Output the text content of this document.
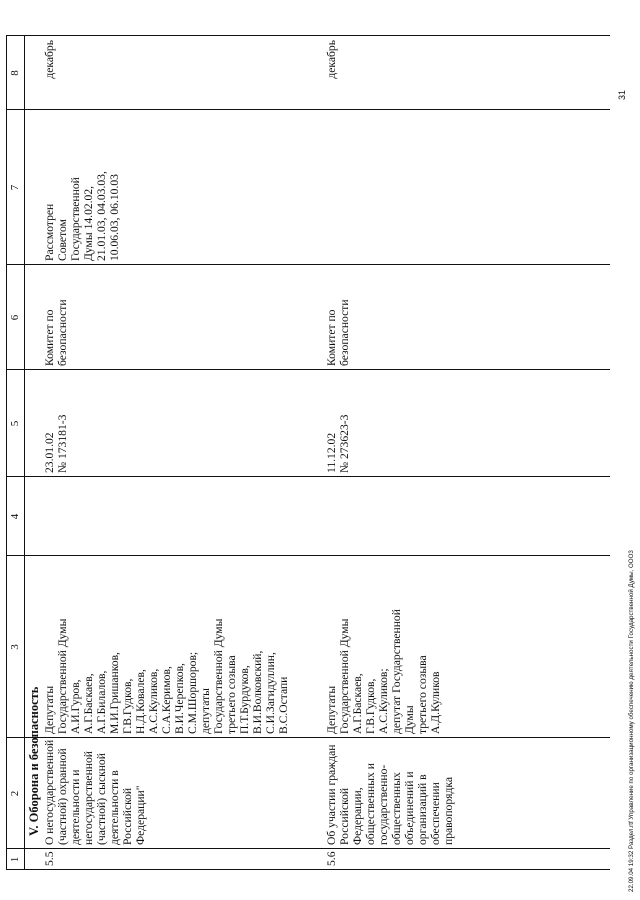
1
2
3
4
5
6
7
8
V. Оборона и безопасность
5.5
О негосударственной
(частной) охранной
деятельности и
негосударственной
(частной) сыскной
деятельности в
Российской Федерации"
Депутаты
Государственной Думы
А.И.Гуров,
А.Г.Баскаев,
А.Г.Билалов,
М.И.Гришанков,
Г.В.Гудков,
Н.Д.Ковалев,
А.С.Куликов,
С.А.Керимов,
В.И.Черепков,
С.М.Шоршоров;
депутаты
Государственной Думы
третьего созыва
П.Т.Бурдуков,
В.И.Волковский,
С.И.Загидуллин,
В.С.Остапи
23.01.02
№ 173181-3
Комитет по
безопасности
Рассмотрен
Советом
Государственной
Думы 14.02.02,
21.01.03, 04.03.03,
10.06.03, 06.10.03
декабрь
5.6
Об участии граждан
Российской Федерации,
общественных и
государственно-
общественных
объединений и
организаций в
обеспечении
правопорядка
Депутаты
Государственной Думы
А.Г.Баскаев,
Г.В.Гудков,
А.С.Куликов;
депутат Государственной
Думы
третьего созыва
А.Д.Куликов
11.12.02
№ 273623-3
Комитет по
безопасности
декабрь
22.09.04 19:32 Раздел.rtf Управление по организационному обеспечению деятельности Государственной Думы, ООО3
31
